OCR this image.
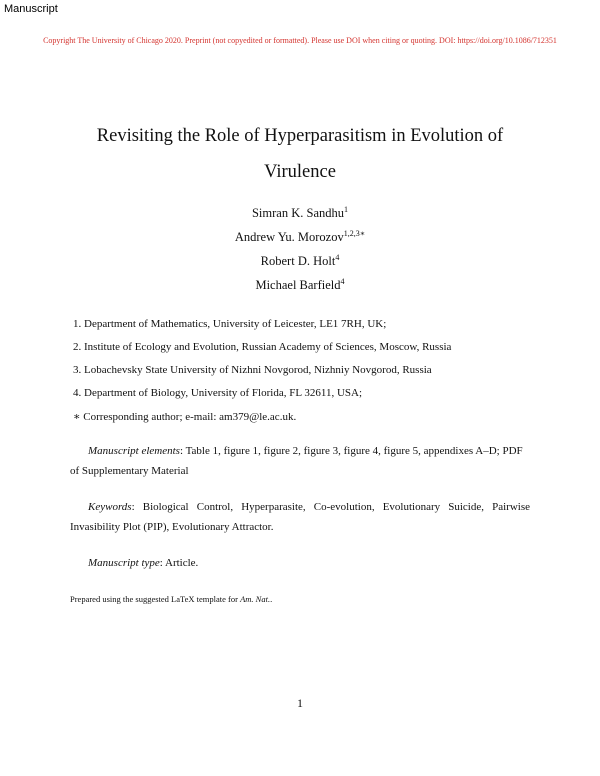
Manuscript
Copyright The University of Chicago 2020. Preprint (not copyedited or formatted). Please use DOI when citing or quoting. DOI: https://doi.org/10.1086/712351
Revisiting the Role of Hyperparasitism in Evolution of
Virulence
Simran K. Sandhu$^1$
Andrew Yu. Morozov$^{1,2,3∗}$
Robert D. Holt$^4$
Michael Barfield$^4$
1. Department of Mathematics, University of Leicester, LE1 7RH, UK;
2. Institute of Ecology and Evolution, Russian Academy of Sciences, Moscow, Russia
3. Lobachevsky State University of Nizhni Novgorod, Nizhniy Novgorod, Russia
4. Department of Biology, University of Florida, FL 32611, USA;
∗ Corresponding author; e-mail: am379@le.ac.uk.
Manuscript elements: Table 1, figure 1, figure 2, figure 3, figure 4, figure 5, appendixes A–D; PDF of Supplementary Material
Keywords: Biological Control, Hyperparasite, Co-evolution, Evolutionary Suicide, Pairwise Invasibility Plot (PIP), Evolutionary Attractor.
Manuscript type: Article.
Prepared using the suggested LaTeX template for Am. Nat..
1
